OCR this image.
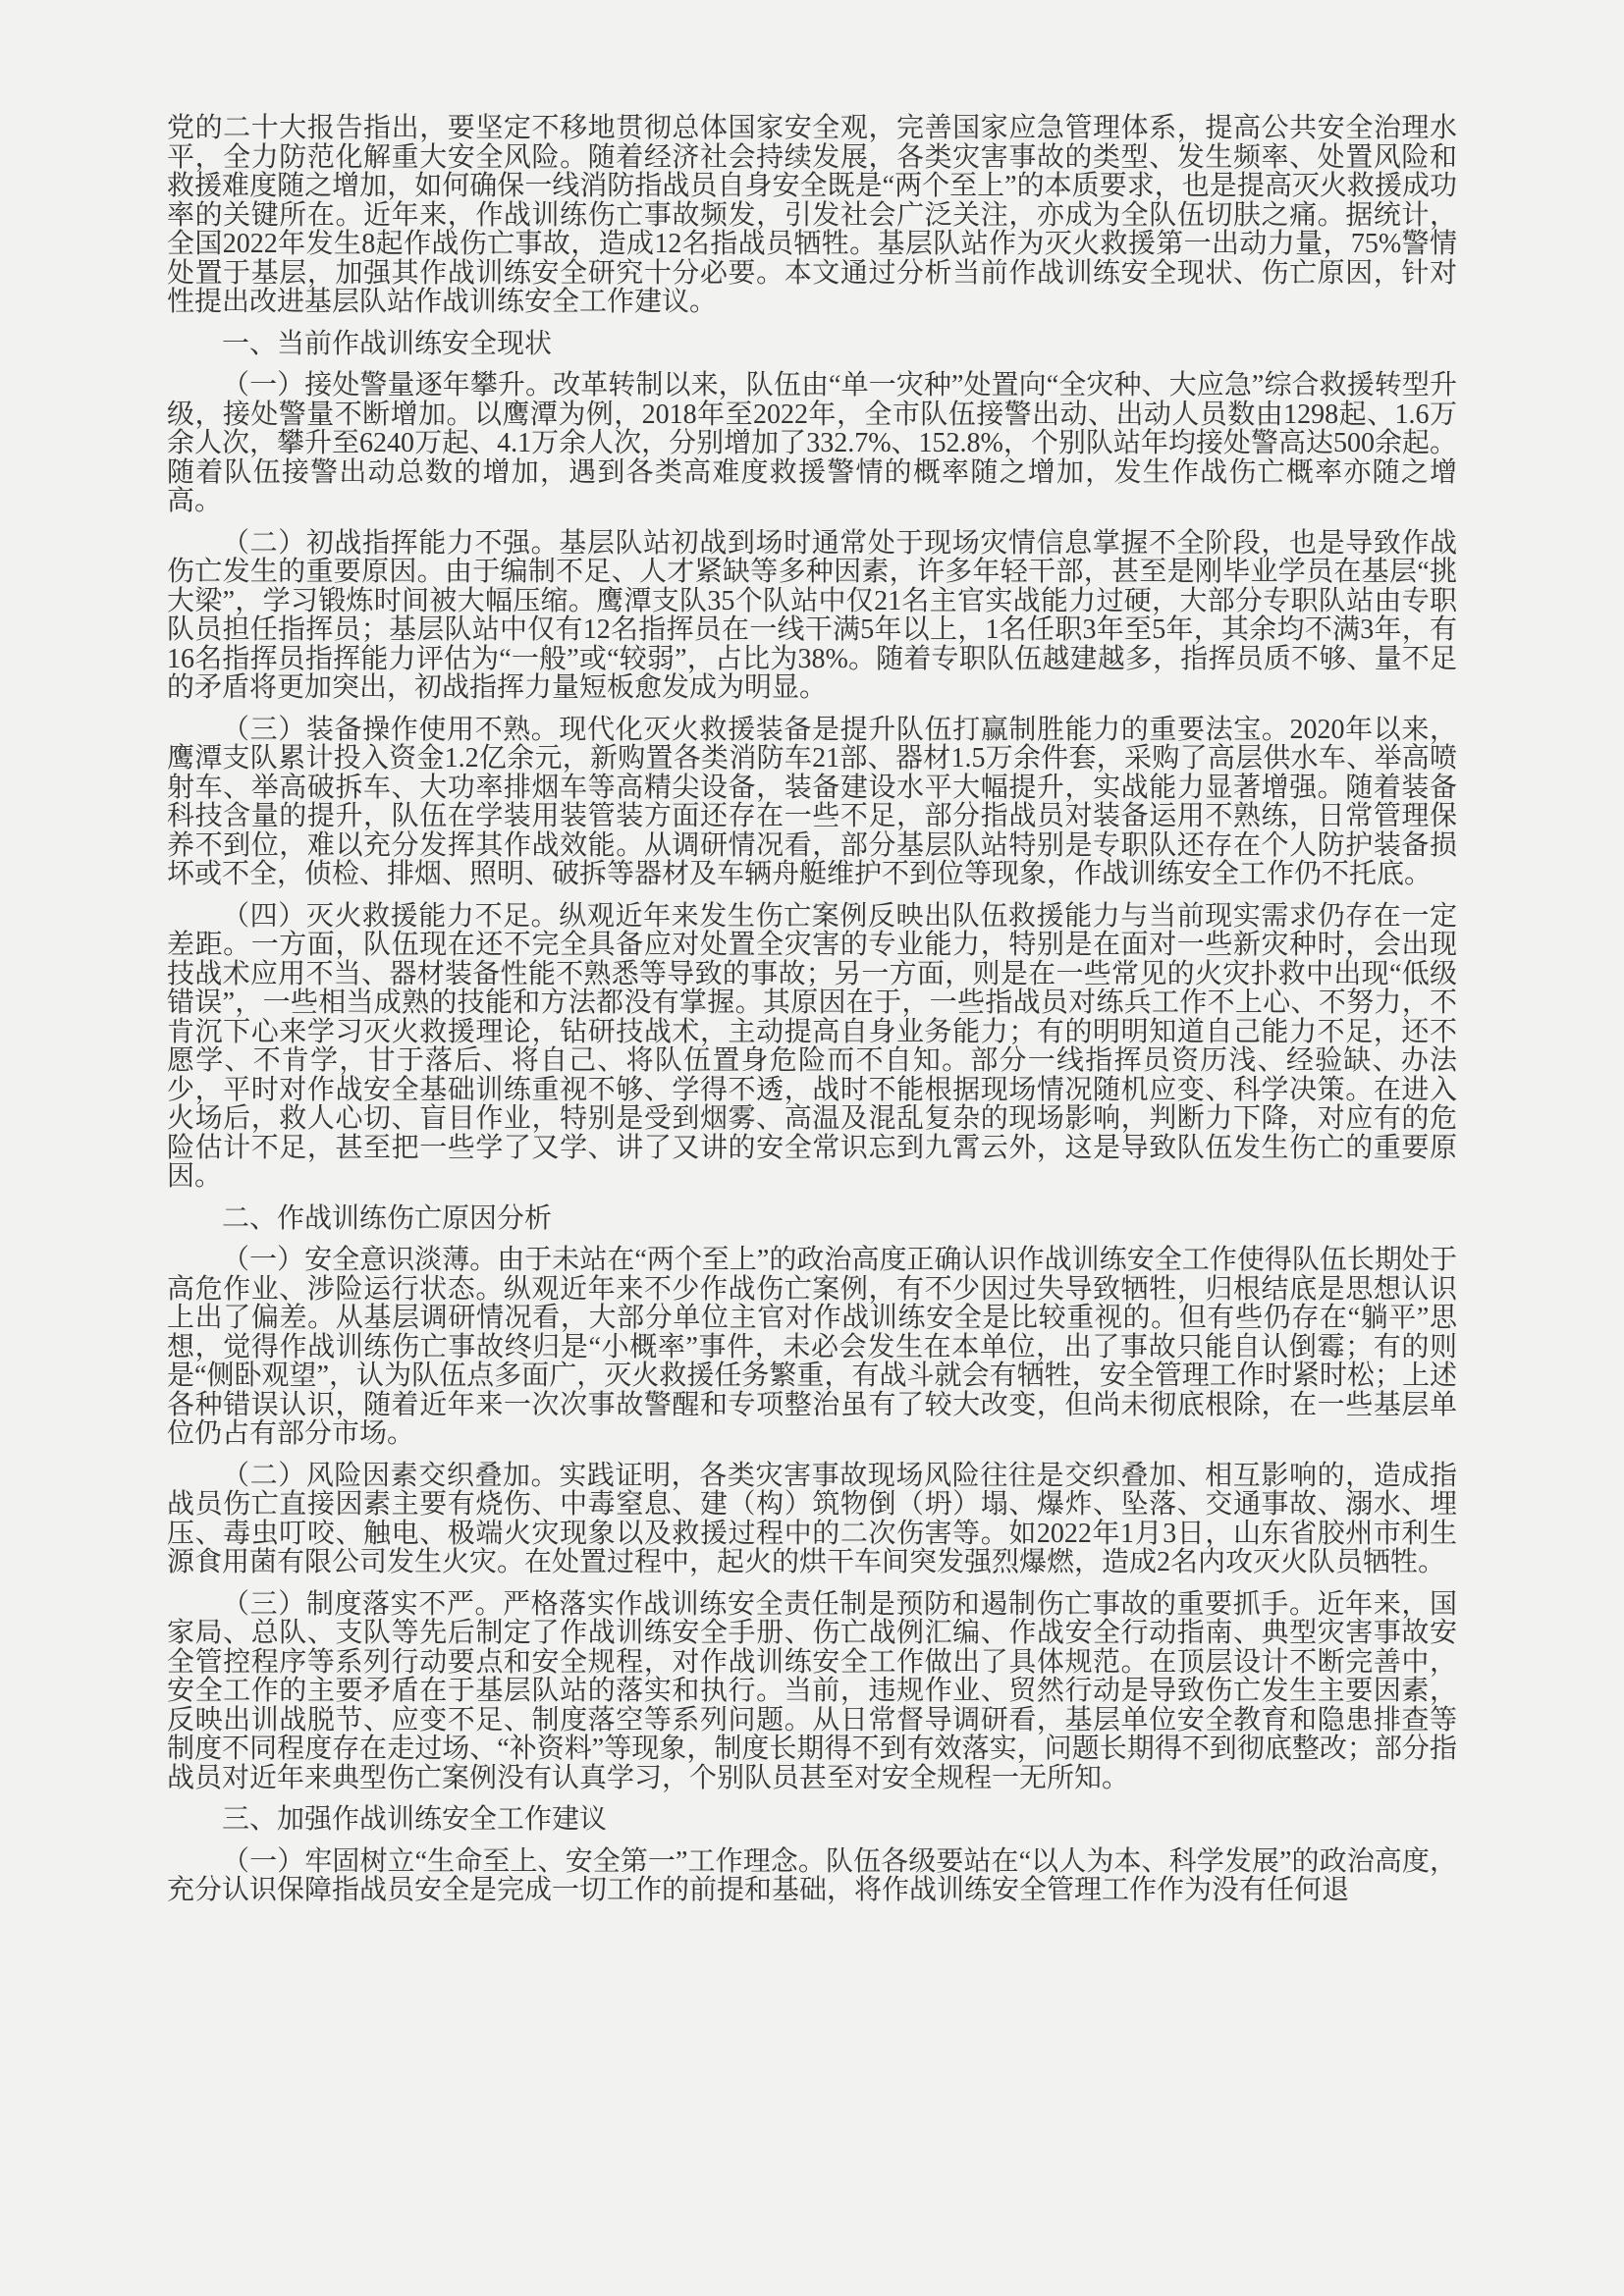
党的二十大报告指出，要坚定不移地贯彻总体国家安全观，完善国家应急管理体系，提高公共安全治理水平，全力防范化解重大安全风险。随着经济社会持续发展，各类灾害事故的类型、发生频率、处置风险和救援难度随之增加，如何确保一线消防指战员自身安全既是“两个至上”的本质要求，也是提高灭火救援成功率的关键所在。近年来，作战训练伤亡事故频发，引发社会广泛关注，亦成为全队伍切肤之痛。据统计，全国2022年发生8起作战伤亡事故，造成12名指战员牺牲。基层队站作为灭火救援第一出动力量，75%警情处置于基层，加强其作战训练安全研究十分必要。本文通过分析当前作战训练安全现状、伤亡原因，针对性提出改进基层队站作战训练安全工作建议。

一、当前作战训练安全现状

（一）接处警量逐年攀升。改革转制以来，队伍由“单一灾种”处置向“全灾种、大应急”综合救援转型升级，接处警量不断增加。以鹰潭为例，2018年至2022年，全市队伍接警出动、出动人员数由1298起、1.6万余人次，攀升至6240万起、4.1万余人次，分别增加了332.7%、152.8%，个别队站年均接处警高达500余起。随着队伍接警出动总数的增加，遇到各类高难度救援警情的概率随之增加，发生作战伤亡概率亦随之增高。

（二）初战指挥能力不强。基层队站初战到场时通常处于现场灾情信息掌握不全阶段，也是导致作战伤亡发生的重要原因。由于编制不足、人才紧缺等多种因素，许多年轻干部，甚至是刚毕业学员在基层“挑大梁”，学习锻炼时间被大幅压缩。鹰潭支队35个队站中仅21名主官实战能力过硬，大部分专职队站由专职队员担任指挥员；基层队站中仅有12名指挥员在一线干满5年以上，1名任职3年至5年，其余均不满3年，有16名指挥员指挥能力评估为“一般”或“较弱”，占比为38%。随着专职队伍越建越多，指挥员质不够、量不足的矛盾将更加突出，初战指挥力量短板愈发成为明显。

（三）装备操作使用不熟。现代化灭火救援装备是提升队伍打赢制胜能力的重要法宝。2020年以来，鹰潭支队累计投入资金1.2亿余元，新购置各类消防车21部、器材1.5万余件套，采购了高层供水车、举高喷射车、举高破拆车、大功率排烟车等高精尖设备，装备建设水平大幅提升，实战能力显著增强。随着装备科技含量的提升，队伍在学装用装管装方面还存在一些不足，部分指战员对装备运用不熟练，日常管理保养不到位，难以充分发挥其作战效能。从调研情况看，部分基层队站特别是专职队还存在个人防护装备损坏或不全，侦检、排烟、照明、破拆等器材及车辆舟艇维护不到位等现象，作战训练安全工作仍不托底。

（四）灭火救援能力不足。纵观近年来发生伤亡案例反映出队伍救援能力与当前现实需求仍存在一定差距。一方面，队伍现在还不完全具备应对处置全灾害的专业能力，特别是在面对一些新灾种时，会出现技战术应用不当、器材装备性能不熟悉等导致的事故；另一方面，则是在一些常见的火灾扑救中出现“低级错误”，一些相当成熟的技能和方法都没有掌握。其原因在于，一些指战员对练兵工作不上心、不努力，不肯沉下心来学习灭火救援理论，钻研技战术，主动提高自身业务能力；有的明明知道自己能力不足，还不愿学、不肯学，甘于落后、将自己、将队伍置身危险而不自知。部分一线指挥员资历浅、经验缺、办法少，平时对作战安全基础训练重视不够、学得不透，战时不能根据现场情况随机应变、科学决策。在进入火场后，救人心切、盲目作业，特别是受到烟雾、高温及混乱复杂的现场影响，判断力下降，对应有的危险估计不足，甚至把一些学了又学、讲了又讲的安全常识忘到九霄云外，这是导致队伍发生伤亡的重要原因。

二、作战训练伤亡原因分析

（一）安全意识淡薄。由于未站在“两个至上”的政治高度正确认识作战训练安全工作使得队伍长期处于高危作业、涉险运行状态。纵观近年来不少作战伤亡案例，有不少因过失导致牺牲，归根结底是思想认识上出了偏差。从基层调研情况看，大部分单位主官对作战训练安全是比较重视的。但有些仍存在“躺平”思想，觉得作战训练伤亡事故终归是“小概率”事件，未必会发生在本单位，出了事故只能自认倒霉；有的则是“侧卧观望”，认为队伍点多面广，灭火救援任务繁重，有战斗就会有牺牲，安全管理工作时紧时松；上述各种错误认识，随着近年来一次次事故警醒和专项整治虽有了较大改变，但尚未彻底根除，在一些基层单位仍占有部分市场。

（二）风险因素交织叠加。实践证明，各类灾害事故现场风险往往是交织叠加、相互影响的，造成指战员伤亡直接因素主要有烧伤、中毒窒息、建（构）筑物倒（坍）塌、爆炸、坠落、交通事故、溺水、埋压、毒虫叮咬、触电、极端火灾现象以及救援过程中的二次伤害等。如2022年1月3日，山东省胶州市利生源食用菌有限公司发生火灾。在处置过程中，起火的烘干车间突发强烈爆燃，造成2名内攻灭火队员牺牲。

（三）制度落实不严。严格落实作战训练安全责任制是预防和遏制伤亡事故的重要抓手。近年来，国家局、总队、支队等先后制定了作战训练安全手册、伤亡战例汇编、作战安全行动指南、典型灾害事故安全管控程序等系列行动要点和安全规程，对作战训练安全工作做出了具体规范。在顶层设计不断完善中，安全工作的主要矛盾在于基层队站的落实和执行。当前，违规作业、贸然行动是导致伤亡发生主要因素，反映出训战脱节、应变不足、制度落空等系列问题。从日常督导调研看，基层单位安全教育和隐患排查等制度不同程度存在走过场、“补资料”等现象，制度长期得不到有效落实，问题长期得不到彻底整改；部分指战员对近年来典型伤亡案例没有认真学习，个别队员甚至对安全规程一无所知。

三、加强作战训练安全工作建议

（一）牢固树立“生命至上、安全第一”工作理念。队伍各级要站在“以人为本、科学发展”的政治高度，充分认识保障指战员安全是完成一切工作的前提和基础，将作战训练安全管理工作作为没有任何退
